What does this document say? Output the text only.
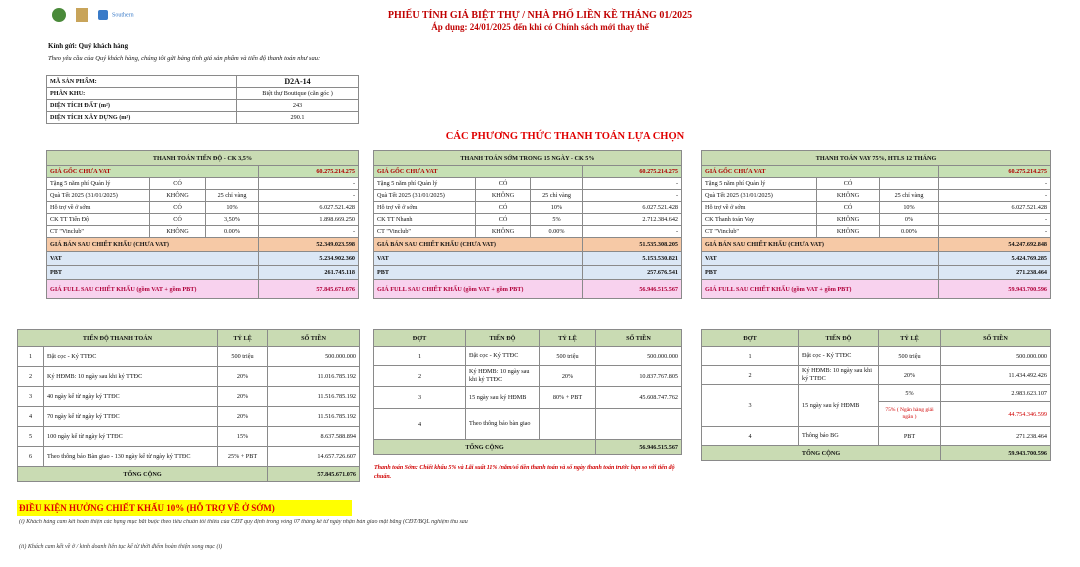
Southern	PHIẾU TÍNH GIÁ BIỆT THỰ / NHÀ PHỐ LIỀN KỀ THÁNG 01/2025
Áp dụng: 24/01/2025 đến khi có Chính sách mới thay thế
Kính gửi: Quý khách hàng
Theo yêu cầu của Quý khách hàng, chúng tôi gửi bảng tính giá sản phẩm và tiến độ thanh toán như sau:
MÃ SẢN PHẨM:	D2A-14
PHÂN KHU:	Biệt thự Boutique (căn góc )
DIỆN TÍCH ĐẤT (m²)	243
DIỆN TÍCH XÂY DỰNG (m²)	290.1
CÁC PHƯƠNG THỨC THANH TOÁN LỰA CHỌN
THANH TOÁN TIẾN ĐỘ - CK 3,5%			
GIÁ GỐC CHƯA VAT			60.275.214.275
Tặng 5 năm phí Quản lý	CÓ		-
Quà Tết 2025 (31/01/2025)	KHÔNG	25 chỉ vàng	-
Hỗ trợ về ở sớm	CÓ	10%	6.027.521.428
CK TT Tiến Độ	CÓ	3,50%	1.898.669.250
CT "Vinclub"	KHÔNG	0.00%	-
GIÁ BÁN SAU CHIẾT KHẤU (CHƯA VAT)			52.349.023.598
VAT			5.234.902.360
PBT			261.745.118
GIÁ FULL SAU CHIẾT KHẤU (gồm VAT + gồm PBT)			57.845.671.076
THANH TOÁN SỚM TRONG 15 NGÀY - CK 5%			
GIÁ GỐC CHƯA VAT			60.275.214.275
Tặng 5 năm phí Quản lý	CÓ		-
Quà Tết 2025 (31/01/2025)	KHÔNG	25 chỉ vàng	-
Hỗ trợ về ở sớm	CÓ	10%	6.027.521.428
CK TT Nhanh	CÓ	5%	2.712.384.642
CT "Vinclub"	KHÔNG	0.00%	-
GIÁ BÁN SAU CHIẾT KHẤU (CHƯA VAT)			51.535.308.205
VAT			5.153.530.821
PBT			257.676.541
GIÁ FULL SAU CHIẾT KHẤU (gồm VAT + gồm PBT)			56.946.515.567
THANH TOÁN VAY 75%, HTLS 12 THÁNG			
GIÁ GỐC CHƯA VAT			60.275.214.275
Tặng 5 năm phí Quản lý	CÓ		-
Quà Tết 2025 (31/01/2025)	KHÔNG	25 chỉ vàng	-
Hỗ trợ về ở sớm	CÓ	10%	6.027.521.428
CK Thanh toán Vay	KHÔNG	0%	-
CT "Vinclub"	KHÔNG	0.00%	-
GIÁ BÁN SAU CHIẾT KHẤU (CHƯA VAT)			54.247.692.848
VAT			5.424.769.285
PBT			271.238.464
GIÁ FULL SAU CHIẾT KHẤU (gồm VAT + gồm PBT)			59.943.700.596
TIẾN ĐỘ THANH TOÁN		TỶ LỆ	SỐ TIỀN
1	Đặt cọc - Ký TTĐC	500 triệu	500.000.000
2	Ký HĐMB: 10 ngày sau khi ký TTĐC	20%	11.016.785.192
3	40 ngày kể từ ngày ký TTĐC	20%	11.516.785.192
4	70 ngày kể từ ngày ký TTĐC	20%	11.516.785.192
5	100 ngày kể từ ngày ký TTĐC	15%	8.637.588.894
6	Theo thông báo Bàn giao - 130 ngày kể từ ngày ký TTĐC	25% + PBT	14.657.726.607
TỔNG CỘNG			57.845.671.076
ĐỢT	TIẾN ĐỘ	TỶ LỆ	SỐ TIỀN
1	Đặt cọc - Ký TTĐC	500 triệu	500.000.000
2	Ký HĐMB: 10 ngày sau khi ký TTĐC	20%	10.837.767.805
3	15 ngày sau ký HĐMB	80% + PBT	45.608.747.762
4	Theo thông báo bàn giao		
TỔNG CỘNG			56.946.515.567
Thanh toán Sớm: Chiết khấu 5% và Lãi suất 11% /năm/số tiền thanh toán và số ngày thanh toán trước hạn so với tiến độ chuẩn.
ĐỢT	TIẾN ĐỘ	TỶ LỆ	SỐ TIỀN
1	Đặt cọc - Ký TTĐC	500 triệu	500.000.000
2	Ký HĐMB: 10 ngày sau khi ký TTĐC	20%	11.434.492.426
3	15 ngày sau ký HĐMB	5%	2.983.623.107
		75% ( Ngân hàng giải ngân )	44.754.346.599
4	Thông báo BG	PBT	271.238.464
TỔNG CỘNG			59.943.700.596
ĐIỀU KIỆN HƯỞNG CHIẾT KHẤU 10% (HỖ TRỢ VỀ Ở SỚM)
(i) Khách hàng cam kết hoàn thiện các hạng mục bắt buộc theo tiêu chuẩn tối thiểu của CĐT quy định trong vòng 07 tháng kể từ ngày nhận bàn giao mặt bằng (CĐT/BQL nghiệm thu sau
(ii) Khách cam kết về ở / kinh doanh liên tục kể từ thời điểm hoàn thiện xong mục (i)
